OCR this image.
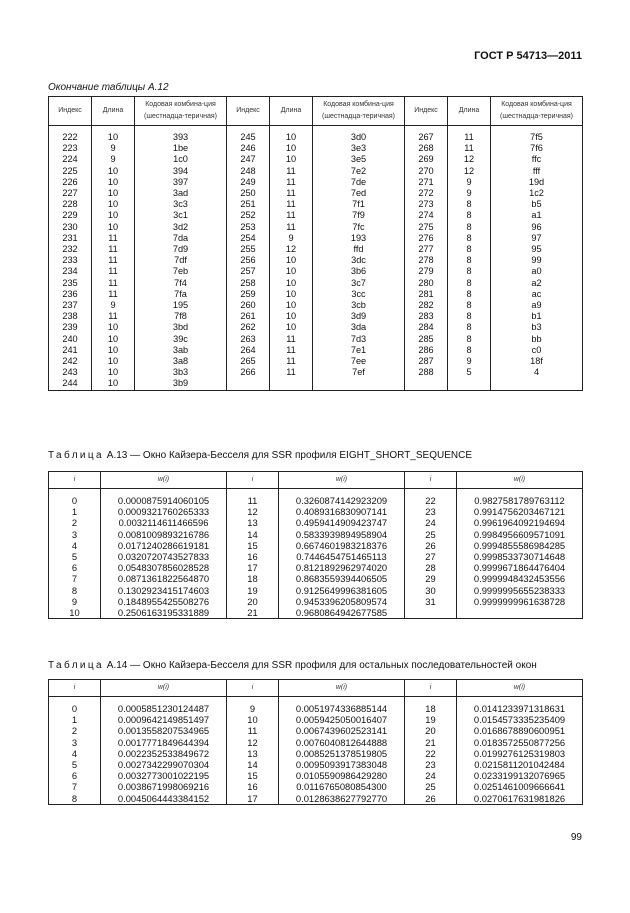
ГОСТ Р 54713—2011
Окончание таблицы А.12
Индекс	Длина	Кодовая комбина-ция (шестнадца-теричная)	Индекс	Длина	Кодовая комбина-ция (шестнадца-теричная)	Индекс	Длина	Кодовая комбина-ция (шестнадца-теричная)

222	10	393	245	10	3d0	267	11	7f5
223	9	1be	246	10	3e3	268	11	7f6
224	9	1c0	247	10	3e5	269	12	ffc
225	10	394	248	11	7e2	270	12	fff
226	10	397	249	11	7de	271	9	19d
227	10	3ad	250	11	7ed	272	9	1c2
228	10	3c3	251	11	7f1	273	8	b5
229	10	3c1	252	11	7f9	274	8	a1
230	10	3d2	253	11	7fc	275	8	96
231	11	7da	254	9	193	276	8	97
232	11	7d9	255	12	ffd	277	8	95
233	11	7df	256	10	3dc	278	8	99
234	11	7eb	257	10	3b6	279	8	a0
235	11	7f4	258	10	3c7	280	8	a2
236	11	7fa	259	10	3cc	281	8	ac
237	9	195	260	10	3cb	282	8	a9
238	11	7f8	261	10	3d9	283	8	b1
239	10	3bd	262	10	3da	284	8	b3
240	10	39c	263	11	7d3	285	8	bb
241	10	3ab	264	11	7e1	286	8	c0
242	10	3a8	265	11	7ee	287	9	18f
243	10	3b3	266	11	7ef	288	5	4
244	10	3b9						
Таблица А.13 — Окно Кайзера-Бесселя для SSR профиля EIGHT_SHORT_SEQUENCE
i	w(i)	i	w(i)	i	w(i)

0	0.0000875914060105	11	0.3260874142923209	22	0.9827581789763112
1	0.0009321760265333	12	0.4089316830907141	23	0.9914756203467121
2	0.0032114611466596	13	0.4959414909423747	24	0.9961964092194694
3	0.0081009893216786	14	0.5833939894958904	25	0.9984956609571091
4	0.0171240286619181	15	0.6674601983218376	26	0.9994855586984285
5	0.0320720743527833	16	0.7446454751465113	27	0.9998533730714648
6	0.0548307856028528	17	0.8121892962974020	28	0.9999671864476404
7	0.0871361822564870	18	0.8683559394406505	29	0.9999948432453556
8	0.1302923415174603	19	0.9125649996381605	30	0.9999995655238333
9	0.1848955425508276	20	0.9453396205809574	31	0.9999999961638728
10	0.2506163195331889	21	0.9680864942677585		
Таблица А.14 — Окно Кайзера-Бесселя для SSR профиля для остальных последовательностей окон
i	w(i)	i	w(i)	i	w(i)

0	0.0005851230124487	9	0.0051974336885144	18	0.0141233971318631
1	0.0009642149851497	10	0.0059425050016407	19	0.0154573335235409
2	0.0013558207534965	11	0.0067439602523141	20	0.0168678890600951
3	0.0017771849644394	12	0.0076040812644888	21	0.0183572550877256
4	0.0022352533849672	13	0.0085251378519805	22	0.0199276125319803
5	0.0027342299070304	14	0.0095093917383048	23	0.0215811201042484
6	0.0032773001022195	15	0.0105590986429280	24	0.0233199132076965
7	0.0038671998069216	16	0.0116765080854300	25	0.0251461009666641
8	0.0045064443384152	17	0.0128638627792770	26	0.0270617631981826
99
